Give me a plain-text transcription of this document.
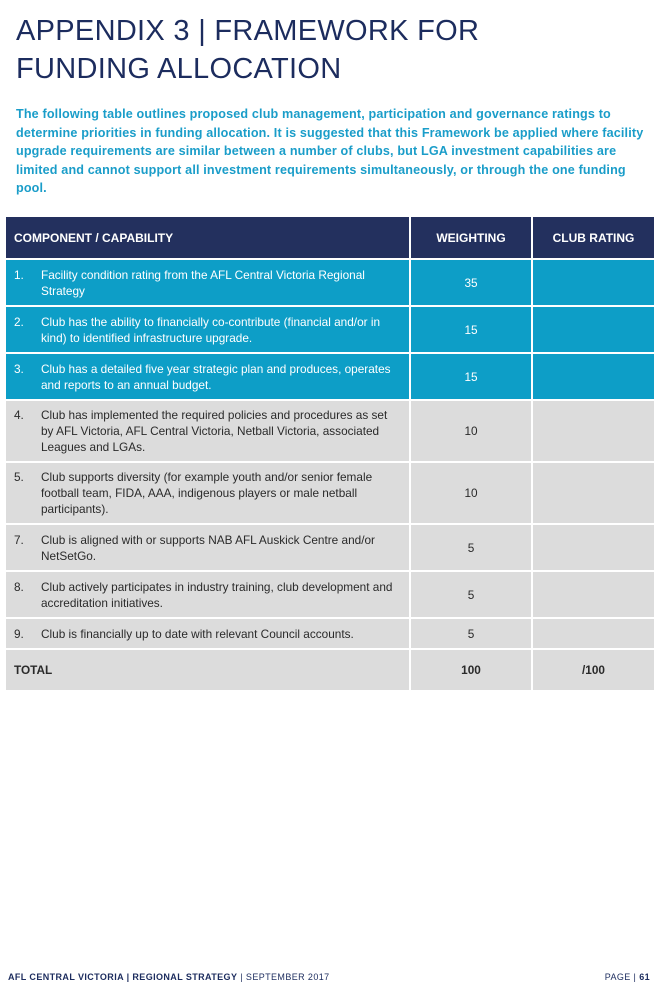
APPENDIX 3 | FRAMEWORK FOR
FUNDING ALLOCATION

The following table outlines proposed club management, participation and governance ratings to determine priorities in funding allocation. It is suggested that this Framework be applied where facility upgrade requirements are similar between a number of clubs, but LGA investment capabilities are limited and cannot support all investment requirements simultaneously, or through the one funding pool.

COMPONENT / CAPABILITY	WEIGHTING	CLUB RATING

1. Facility condition rating from the AFL Central Victoria Regional Strategy	35	

2. Club has the ability to financially co-contribute (financial and/or in kind) to identified infrastructure upgrade.	15	

3. Club has a detailed five year strategic plan and produces, operates and reports to an annual budget.	15	

4. Club has implemented the required policies and procedures as set by AFL Victoria, AFL Central Victoria, Netball Victoria, associated Leagues and LGAs.	10	

5. Club supports diversity (for example youth and/or senior female football team, FIDA, AAA, indigenous players or male netball participants).	10	

7. Club is aligned with or supports NAB AFL Auskick Centre and/or NetSetGo.	5	

8. Club actively participates in industry training, club development and accreditation initiatives.	5	

9. Club is financially up to date with relevant Council accounts.	5	
TOTAL	100	/100
AFL CENTRAL VICTORIA | REGIONAL STRATEGY | SEPTEMBER 2017	PAGE | 61
